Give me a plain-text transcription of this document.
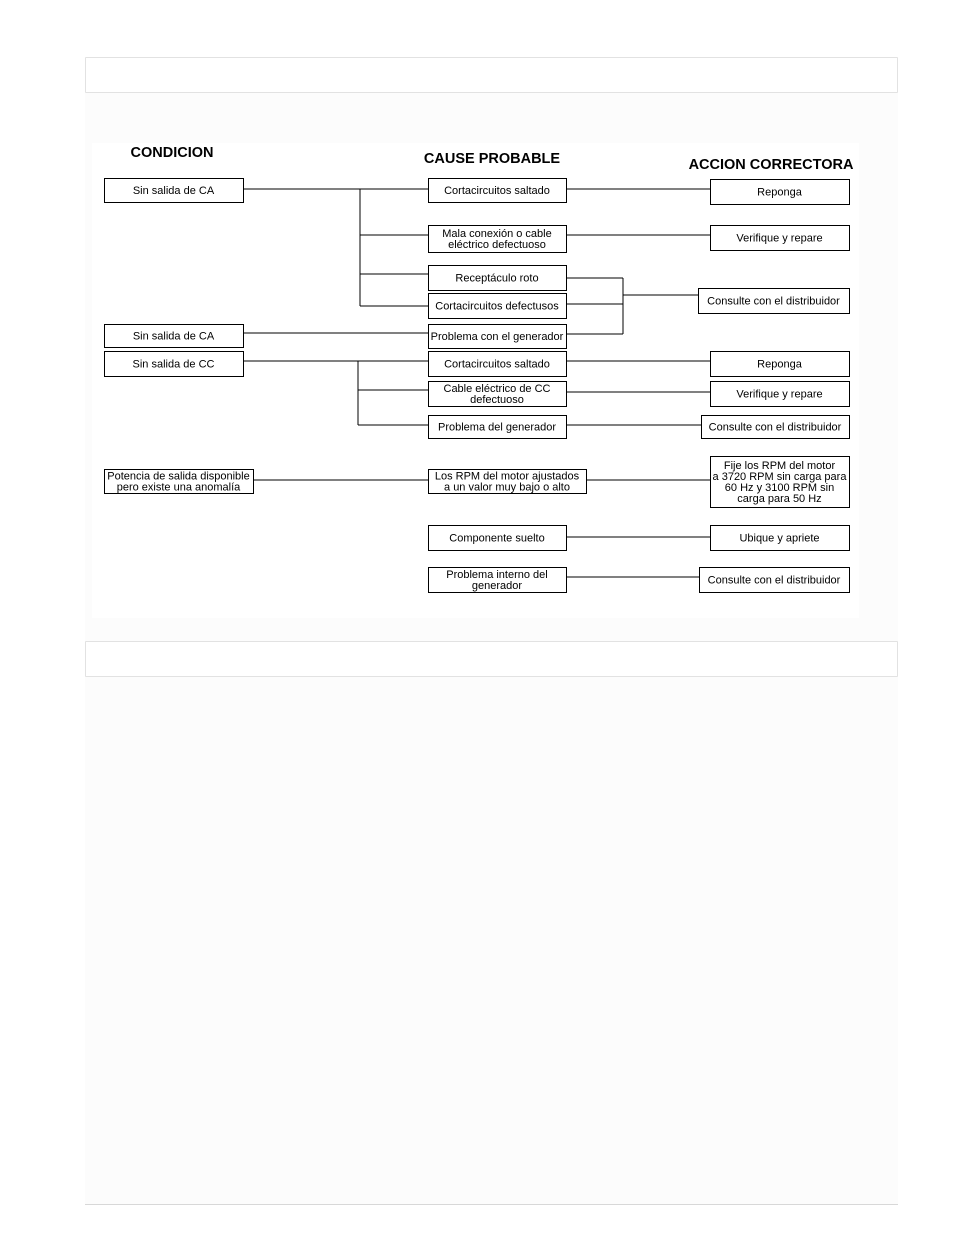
CONDICION	CAUSE PROBABLE	ACCION CORRECTORA
Sin salida de CA
Sin salida de CA
Sin salida de CC
Potencia de salida disponible
pero existe una anomalía
Cortacircuitos saltado
Mala conexión o cable
eléctrico defectuoso
Receptáculo roto
Cortacircuitos defectusos
Problema con el generador
Cortacircuitos saltado
Cable eléctrico de CC
defectuoso
Problema del generador
Los RPM del motor ajustados
a un valor muy bajo o alto
Componente suelto
Problema interno del
generador
Reponga
Verifique y repare
Consulte con el distribuidor
Reponga
Verifique y repare
Consulte con el distribuidor
Fije los RPM del motor
a 3720 RPM sin carga para
60 Hz y 3100 RPM sin
carga para 50 Hz
Ubique y apriete
Consulte con el distribuidor
